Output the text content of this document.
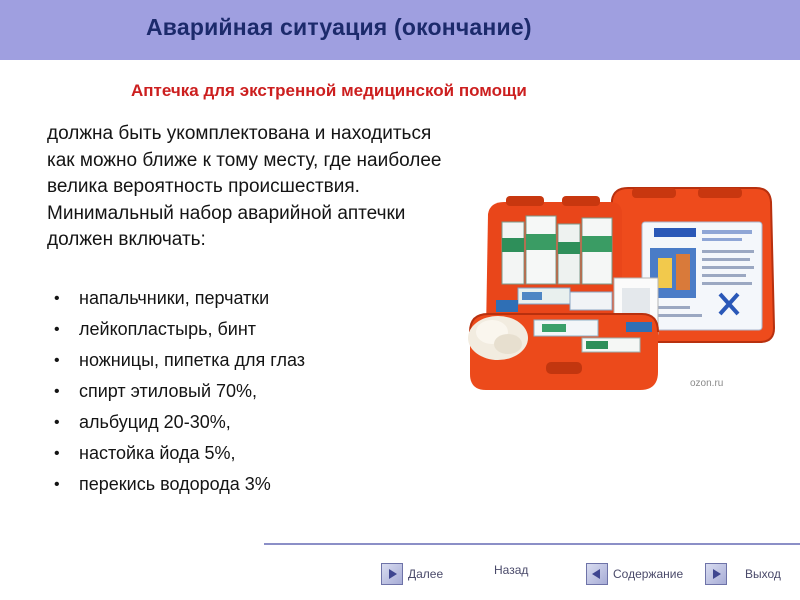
Аварийная ситуация (окончание)
Аптечка для экстренной медицинской помощи

должна быть укомплектована и находиться как можно ближе к тому месту, где наиболее велика вероятность происшествия. Минимальный набор аварийной аптечки должен включать:

• напальчники, перчатки
• лейкопластырь, бинт
• ножницы, пипетка для глаз
• спирт этиловый 70%,
• альбуцид 20-30%,
• настойка йода 5%,
• перекись водорода 3%
ozon.ru
Далее	Назад	Содержание	Выход
